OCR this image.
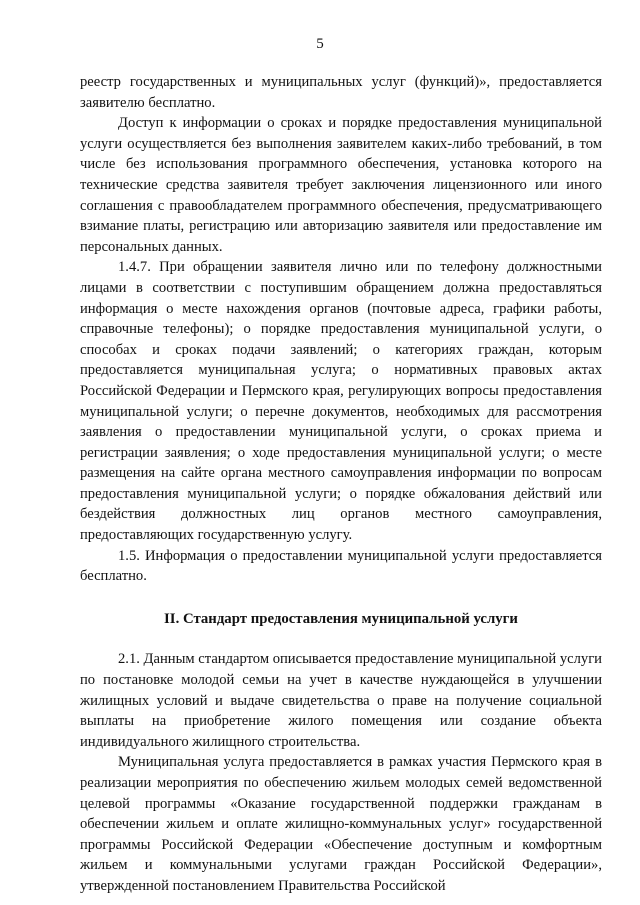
5

реестр государственных и муниципальных услуг (функций)», предоставляется заявителю бесплатно.

Доступ к информации о сроках и порядке предоставления муниципальной услуги осуществляется без выполнения заявителем каких-либо требований, в том числе без использования программного обеспечения, установка которого на технические средства заявителя требует заключения лицензионного или иного соглашения с правообладателем программного обеспечения, предусматривающего взимание платы, регистрацию или авторизацию заявителя или предоставление им персональных данных.

1.4.7. При обращении заявителя лично или по телефону должностными лицами в соответствии с поступившим обращением должна предоставляться информация о месте нахождения органов (почтовые адреса, графики работы, справочные телефоны); о порядке предоставления муниципальной услуги, о способах и сроках подачи заявлений; о категориях граждан, которым предоставляется муниципальная услуга; о нормативных правовых актах Российской Федерации и Пермского края, регулирующих вопросы предоставления муниципальной услуги; о перечне документов, необходимых для рассмотрения заявления о предоставлении муниципальной услуги, о сроках приема и регистрации заявления; о ходе предоставления муниципальной услуги; о месте размещения на сайте органа местного самоуправления информации по вопросам предоставления муниципальной услуги; о порядке обжалования действий или бездействия должностных лиц органов местного самоуправления, предоставляющих государственную услугу.

1.5. Информация о предоставлении муниципальной услуги предоставляется бесплатно.

II. Стандарт предоставления муниципальной услуги

2.1. Данным стандартом описывается предоставление муниципальной услуги по постановке молодой семьи на учет в качестве нуждающейся в улучшении жилищных условий и выдаче свидетельства о праве на получение социальной выплаты на приобретение жилого помещения или создание объекта индивидуального жилищного строительства.

Муниципальная услуга предоставляется в рамках участия Пермского края в реализации мероприятия по обеспечению жильем молодых семей ведомственной целевой программы «Оказание государственной поддержки гражданам в обеспечении жильем и оплате жилищно-коммунальных услуг» государственной программы Российской Федерации «Обеспечение доступным и комфортным жильем и коммунальными услугами граждан Российской Федерации», утвержденной постановлением Правительства Российской
